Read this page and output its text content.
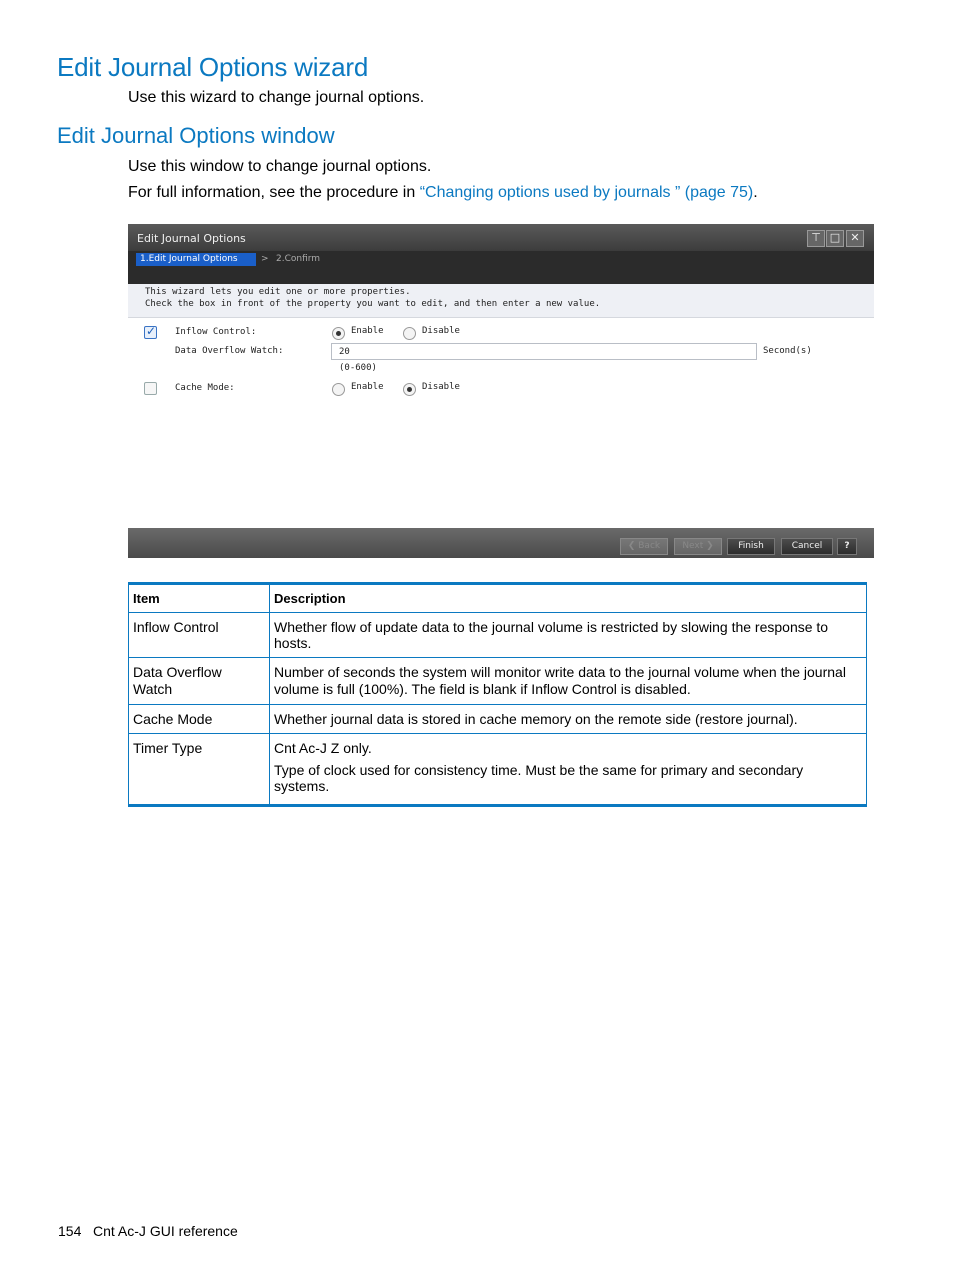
Edit Journal Options wizard

Use this wizard to change journal options.

Edit Journal Options window

Use this window to change journal options.

For full information, see the procedure in “Changing options used by journals ” (page 75).

Edit Journal Options	⊤ □ ✕
1.Edit Journal Options	> 2.Confirm
This wizard lets you edit one or more properties.
Check the box in front of the property you want to edit, and then enter a new value.
✓
Inflow Control:	Enable	Disable
Data Overflow Watch:	20	Second(s)
(0-600)
Cache Mode:	Enable	Disable
❮ Back	Next ❯	Finish	Cancel	?
Item	Description
Inflow Control	Whether flow of update data to the journal volume is restricted by slowing the response to hosts.
Data Overflow Watch	Number of seconds the system will monitor write data to the journal volume when the journal volume is full (100%). The field is blank if Inflow Control is disabled.
Cache Mode	Whether journal data is stored in cache memory on the remote side (restore journal).
Timer Type	Cnt Ac-J Z only.

Type of clock used for consistency time. Must be the same for primary and secondary systems.

154 Cnt Ac-J GUI reference
